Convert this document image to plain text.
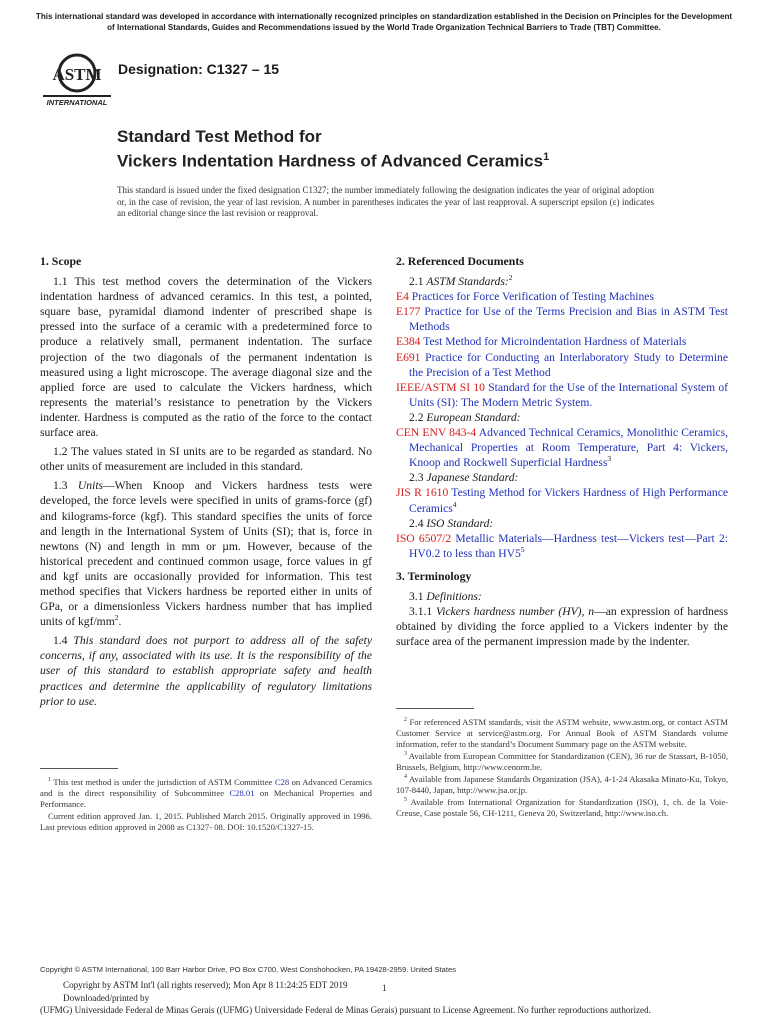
This international standard was developed in accordance with internationally recognized principles on standardization established in the Decision on Principles for the Development of International Standards, Guides and Recommendations issued by the World Trade Organization Technical Barriers to Trade (TBT) Committee.
ASTM
INTERNATIONAL
Designation: C1327 – 15
Standard Test Method for
Vickers Indentation Hardness of Advanced Ceramics$^1$
This standard is issued under the fixed designation C1327; the number immediately following the designation indicates the year of original adoption or, in the case of revision, the year of last revision. A number in parentheses indicates the year of last reapproval. A superscript epsilon (ε) indicates an editorial change since the last revision or reapproval.
1. Scope

1.1 This test method covers the determination of the Vickers indentation hardness of advanced ceramics. In this test, a pointed, square base, pyramidal diamond indenter of prescribed shape is pressed into the surface of a ceramic with a predetermined force to produce a relatively small, permanent indentation. The surface projection of the two diagonals of the permanent indentation is measured using a light microscope. The average diagonal size and the applied force are used to calculate the Vickers hardness, which represents the material’s resistance to penetration by the Vickers indenter. Hardness is computed as the ratio of the force to the contact surface area.

1.2 The values stated in SI units are to be regarded as standard. No other units of measurement are included in this standard.

1.3 Units—When Knoop and Vickers hardness tests were developed, the force levels were specified in units of grams-force (gf) and kilograms-force (kgf). This standard specifies the units of force and length in the International System of Units (SI); that is, force in newtons (N) and length in mm or µm. However, because of the historical precedent and continued common usage, force values in gf and kgf units are occasionally provided for information. This test method specifies that Vickers hardness be reported either in units of GPa, or a dimensionless Vickers hardness number that has implied units of kgf/$mm^2$.

1.4 This standard does not purport to address all of the safety concerns, if any, associated with its use. It is the responsibility of the user of this standard to establish appropriate safety and health practices and determine the applicability of regulatory limitations prior to use.

2. Referenced Documents
2.1 ASTM Standards:$^2$
E4 Practices for Force Verification of Testing Machines
E177 Practice for Use of the Terms Precision and Bias in ASTM Test Methods
E384 Test Method for Microindentation Hardness of Materials
E691 Practice for Conducting an Interlaboratory Study to Determine the Precision of a Test Method
IEEE/ASTM SI 10 Standard for the Use of the International System of Units (SI): The Modern Metric System.
2.2 European Standard:
CEN ENV 843-4 Advanced Technical Ceramics, Monolithic Ceramics, Mechanical Properties at Room Temperature, Part 4: Vickers, Knoop and Rockwell Superficial Hardness$^3$
2.3 Japanese Standard:
JIS R 1610 Testing Method for Vickers Hardness of High Performance Ceramics$^4$
2.4 ISO Standard:
ISO 6507/2 Metallic Materials—Hardness test—Vickers test—Part 2: HV0.2 to less than $HV5^5$
3. Terminology
3.1 Definitions:

3.1.1 Vickers hardness number (HV), n—an expression of hardness obtained by dividing the force applied to a Vickers indenter by the surface area of the permanent impression made by the indenter.

$^1$ This test method is under the jurisdiction of ASTM Committee C28 on Advanced Ceramics and is the direct responsibility of Subcommittee C28.01 on Mechanical Properties and Performance.

Current edition approved Jan. 1, 2015. Published March 2015. Originally approved in 1996. Last previous edition approved in 2008 as C1327- 08. DOI: 10.1520/C1327-15.

$^2$ For referenced ASTM standards, visit the ASTM website, www.astm.org, or contact ASTM Customer Service at service@astm.org. For Annual Book of ASTM Standards volume information, refer to the standard’s Document Summary page on the ASTM website.

$^3$ Available from European Committee for Standardization (CEN), 36 rue de Stassart, B-1050, Brussels, Belgium, http://www.cenorm.be.

$^4$ Available from Japanese Standards Organization (JSA), 4-1-24 Akasaka Minato-Ku, Tokyo, 107-8440, Japan, http://www.jsa.or.jp.

$^5$ Available from International Organization for Standardization (ISO), 1, ch. de la Voie-Creuse, Case postale 56, CH-1211, Geneva 20, Switzerland, http://www.iso.ch.

Copyright © ASTM International, 100 Barr Harbor Drive, PO Box C700, West Conshohocken, PA 19428-2959. United States
1
Copyright by ASTM Int'l (all rights reserved); Mon Apr 8 11:24:25 EDT 2019
Downloaded/printed by
(UFMG) Universidade Federal de Minas Gerais ((UFMG) Universidade Federal de Minas Gerais) pursuant to License Agreement. No further reproductions authorized.
